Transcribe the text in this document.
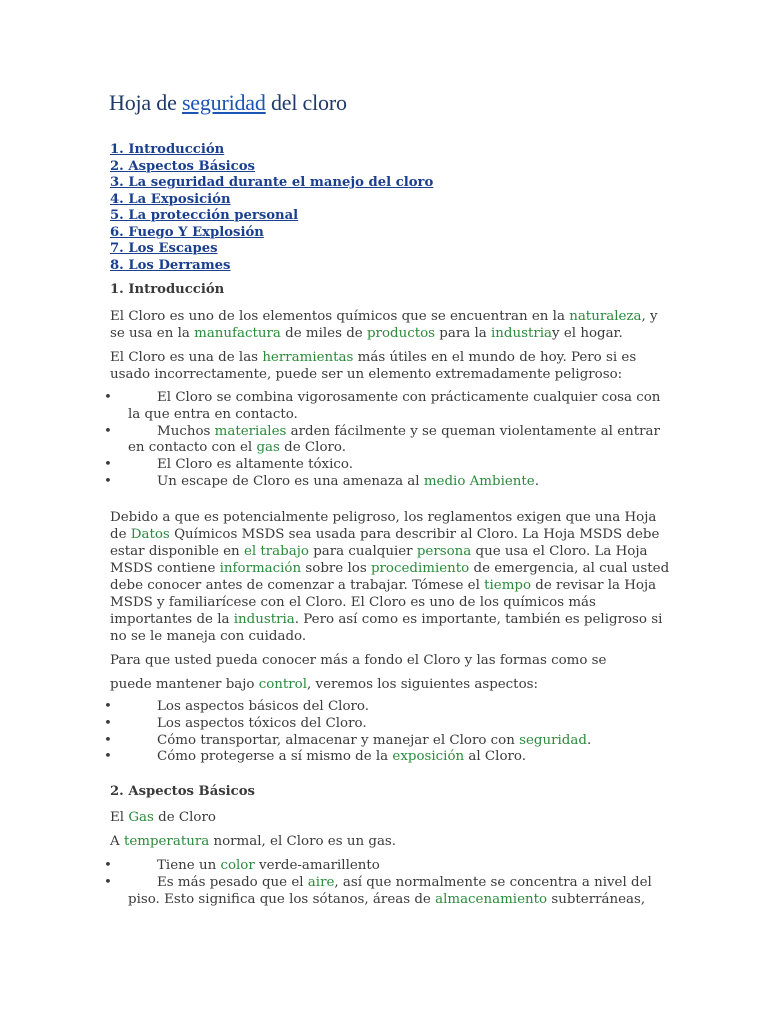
Hoja de seguridad del cloro
1. Introducción
2. Aspectos Básicos
3. La seguridad durante el manejo del cloro
4. La Exposición
5. La protección personal
6. Fuego Y Explosión
7. Los Escapes
8. Los Derrames
1. Introducción

El Cloro es uno de los elementos químicos que se encuentran en la naturaleza, y se usa en la manufactura de miles de productos para la industriay el hogar.

El Cloro es una de las herramientas más útiles en el mundo de hoy. Pero si es usado incorrectamente, puede ser un elemento extremadamente peligroso:

•	El Cloro se combina vigorosamente con prácticamente cualquier cosa con la que entra en contacto.
•	Muchos materiales arden fácilmente y se queman violentamente al entrar en contacto con el gas de Cloro.
•	El Cloro es altamente tóxico.
•	Un escape de Cloro es una amenaza al medio Ambiente.

Debido a que es potencialmente peligroso, los reglamentos exigen que una Hoja de Datos Químicos MSDS sea usada para describir al Cloro. La Hoja MSDS debe estar disponible en el trabajo para cualquier persona que usa el Cloro. La Hoja MSDS contiene información sobre los procedimiento de emergencia, al cual usted debe conocer antes de comenzar a trabajar. Tómese el tiempo de revisar la Hoja MSDS y familiarícese con el Cloro. El Cloro es uno de los químicos más importantes de la industria. Pero así como es importante, también es peligroso si no se le maneja con cuidado.

Para que usted pueda conocer más a fondo el Cloro y las formas como se

puede mantener bajo control, veremos los siguientes aspectos:

•	Los aspectos básicos del Cloro.
•	Los aspectos tóxicos del Cloro.
•	Cómo transportar, almacenar y manejar el Cloro con seguridad.
•	Cómo protegerse a sí mismo de la exposición al Cloro.
2. Aspectos Básicos

El Gas de Cloro

A temperatura normal, el Cloro es un gas.

•	Tiene un color verde-amarillento
•	Es más pesado que el aire, así que normalmente se concentra a nivel del piso. Esto significa que los sótanos, áreas de almacenamiento subterráneas,
